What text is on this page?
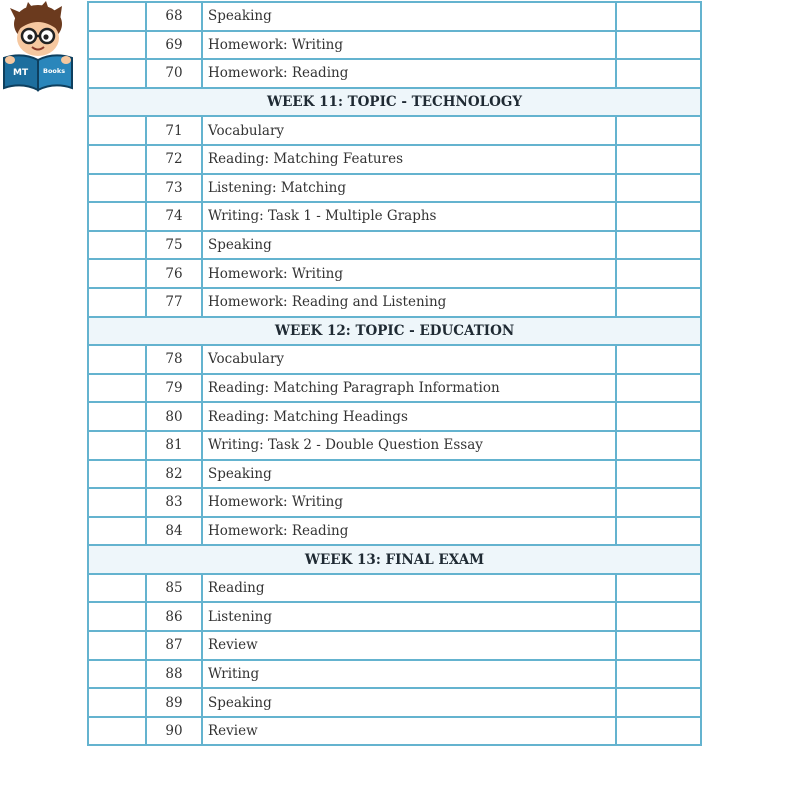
MT Books
	68	Speaking	
	69	Homework: Writing	
	70	Homework: Reading	
WEEK 11: TOPIC - TECHNOLOGY			
	71	Vocabulary	
	72	Reading: Matching Features	
	73	Listening: Matching	
	74	Writing: Task 1 - Multiple Graphs	
	75	Speaking	
	76	Homework: Writing	
	77	Homework: Reading and Listening	
WEEK 12: TOPIC - EDUCATION			
	78	Vocabulary	
	79	Reading: Matching Paragraph Information	
	80	Reading: Matching Headings	
	81	Writing: Task 2 - Double Question Essay	
	82	Speaking	
	83	Homework: Writing	
	84	Homework: Reading	
WEEK 13: FINAL EXAM			
	85	Reading	
	86	Listening	
	87	Review	
	88	Writing	
	89	Speaking	
	90	Review	
